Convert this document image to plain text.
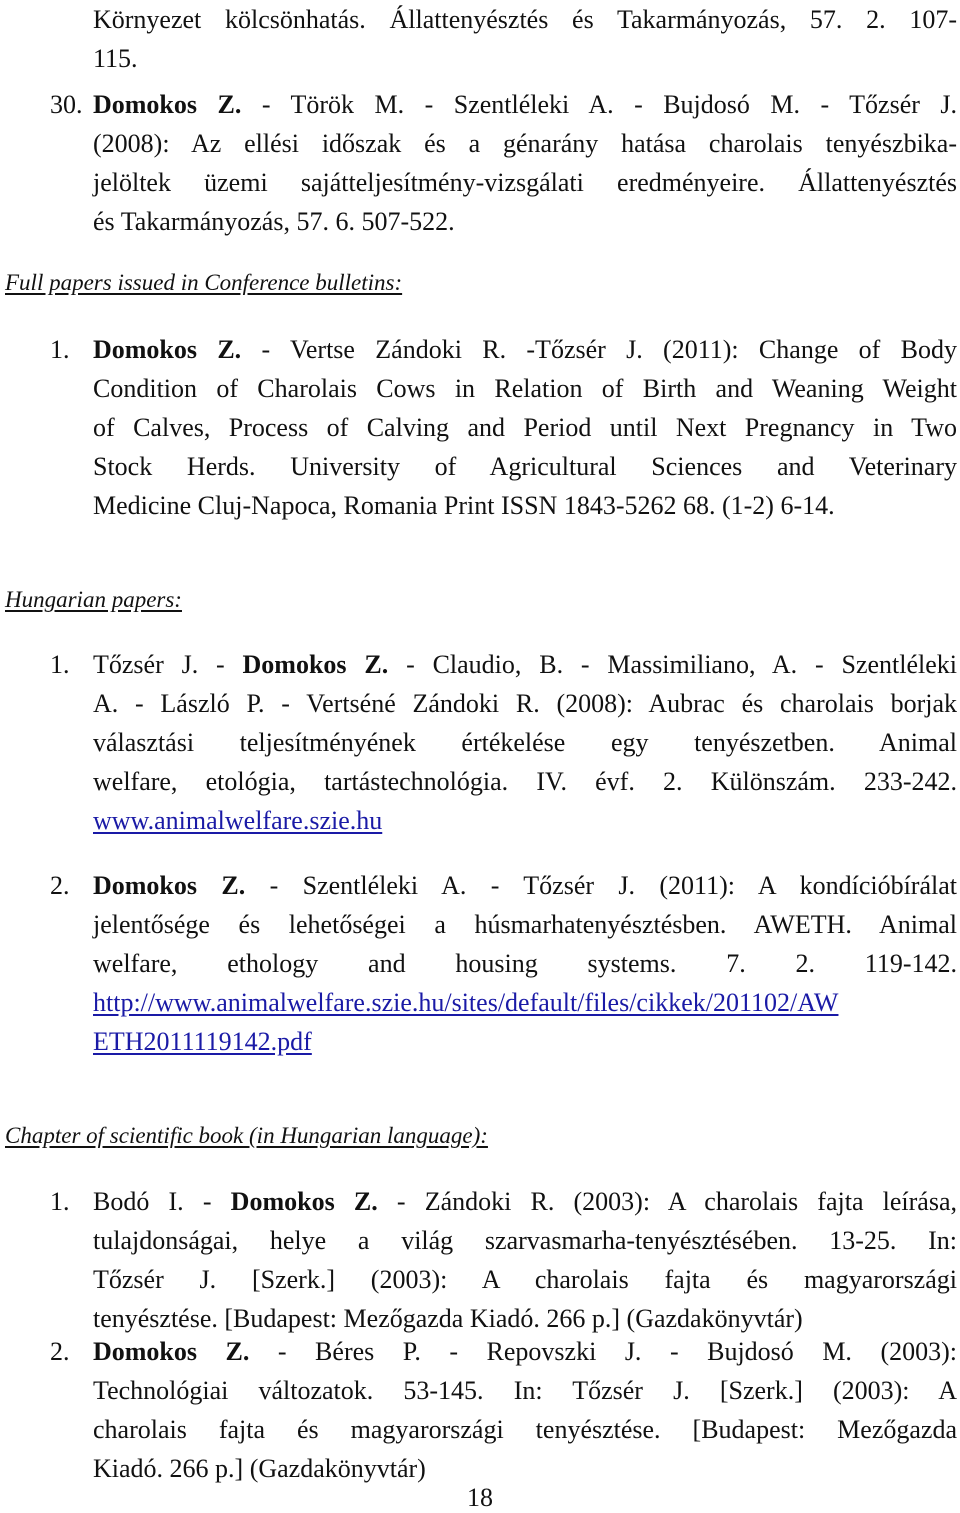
Környezet kölcsönhatás. Állattenyésztés és Takarmányozás, 57. 2. 107-
115.
30. Domokos Z. - Török M. - Szentléleki A. - Bujdosó M. - Tőzsér J.
(2008): Az ellési időszak és a génarány hatása charolais tenyészbika-
jelöltek üzemi sajátteljesítmény-vizsgálati eredményeire. Állattenyésztés
és Takarmányozás, 57. 6. 507-522.
Full papers issued in Conference bulletins:
1. Domokos Z. - Vertse Zándoki R. -Tőzsér J. (2011): Change of Body
Condition of Charolais Cows in Relation of Birth and Weaning Weight
of Calves, Process of Calving and Period until Next Pregnancy in Two
Stock Herds. University of Agricultural Sciences and Veterinary
Medicine Cluj-Napoca, Romania Print ISSN 1843-5262 68. (1-2) 6-14.
Hungarian papers:
1. Tőzsér J. - Domokos Z. - Claudio, B. - Massimiliano, A. - Szentléleki
A. - László P. - Vertséné Zándoki R. (2008): Aubrac és charolais borjak
választási teljesítményének értékelése egy tenyészetben. Animal
welfare, etológia, tartástechnológia. IV. évf. 2. Különszám. 233-242.
www.animalwelfare.szie.hu
2. Domokos Z. - Szentléleki A. - Tőzsér J. (2011): A kondícióbírálat
jelentősége és lehetőségei a húsmarhatenyésztésben. AWETH. Animal
welfare, ethology and housing systems. 7. 2. 119-142.
http://www.animalwelfare.szie.hu/sites/default/files/cikkek/201102/AW
ETH2011119142.pdf
Chapter of scientific book (in Hungarian language):
1. Bodó I. - Domokos Z. - Zándoki R. (2003): A charolais fajta leírása,
tulajdonságai, helye a világ szarvasmarha-tenyésztésében. 13-25. In:
Tőzsér J. [Szerk.] (2003): A charolais fajta és magyarországi
tenyésztése. [Budapest: Mezőgazda Kiadó. 266 p.] (Gazdakönyvtár)
2. Domokos Z. - Béres P. - Repovszki J. - Bujdosó M. (2003):
Technológiai változatok. 53-145. In: Tőzsér J. [Szerk.] (2003): A
charolais fajta és magyarországi tenyésztése. [Budapest: Mezőgazda
Kiadó. 266 p.] (Gazdakönyvtár)
18
